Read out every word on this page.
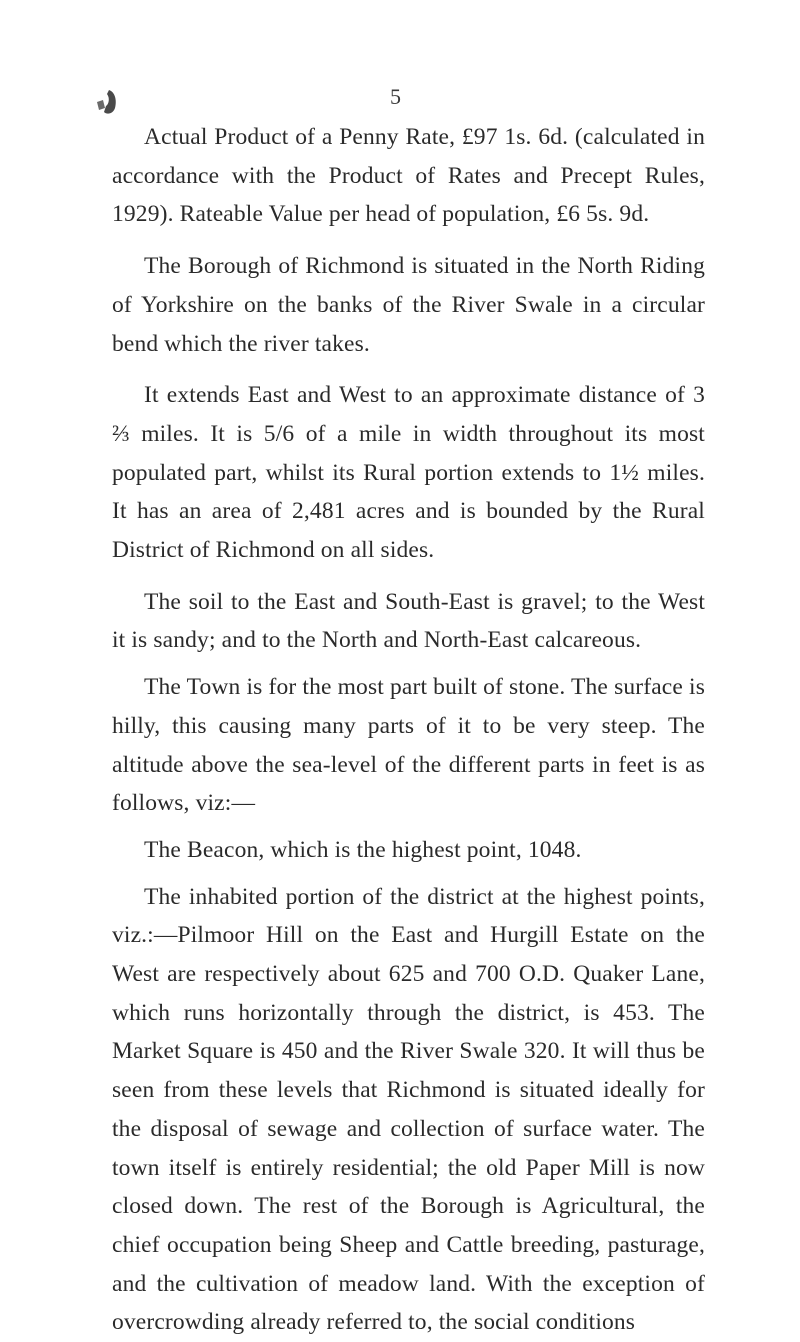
5

Actual Product of a Penny Rate, £97 1s. 6d. (calculated in accordance with the Product of Rates and Precept Rules, 1929). Rateable Value per head of population, £6 5s. 9d.

The Borough of Richmond is situated in the North Riding of Yorkshire on the banks of the River Swale in a circular bend which the river takes.

It extends East and West to an approximate distance of 3 ⅔ miles. It is 5/6 of a mile in width throughout its most populated part, whilst its Rural portion extends to 1½ miles. It has an area of 2,481 acres and is bounded by the Rural District of Richmond on all sides.

The soil to the East and South-East is gravel; to the West it is sandy; and to the North and North-East calcareous.

The Town is for the most part built of stone. The surface is hilly, this causing many parts of it to be very steep. The altitude above the sea-level of the different parts in feet is as follows, viz:—

The Beacon, which is the highest point, 1048.

The inhabited portion of the district at the highest points, viz.:—Pilmoor Hill on the East and Hurgill Estate on the West are respectively about 625 and 700 O.D. Quaker Lane, which runs horizontally through the district, is 453. The Market Square is 450 and the River Swale 320. It will thus be seen from these levels that Richmond is situated ideally for the disposal of sewage and collection of surface water. The town itself is entirely residential; the old Paper Mill is now closed down. The rest of the Borough is Agricultural, the chief occupation being Sheep and Cattle breeding, pasturage, and the cultivation of meadow land. With the exception of overcrowding already referred to, the social conditions
